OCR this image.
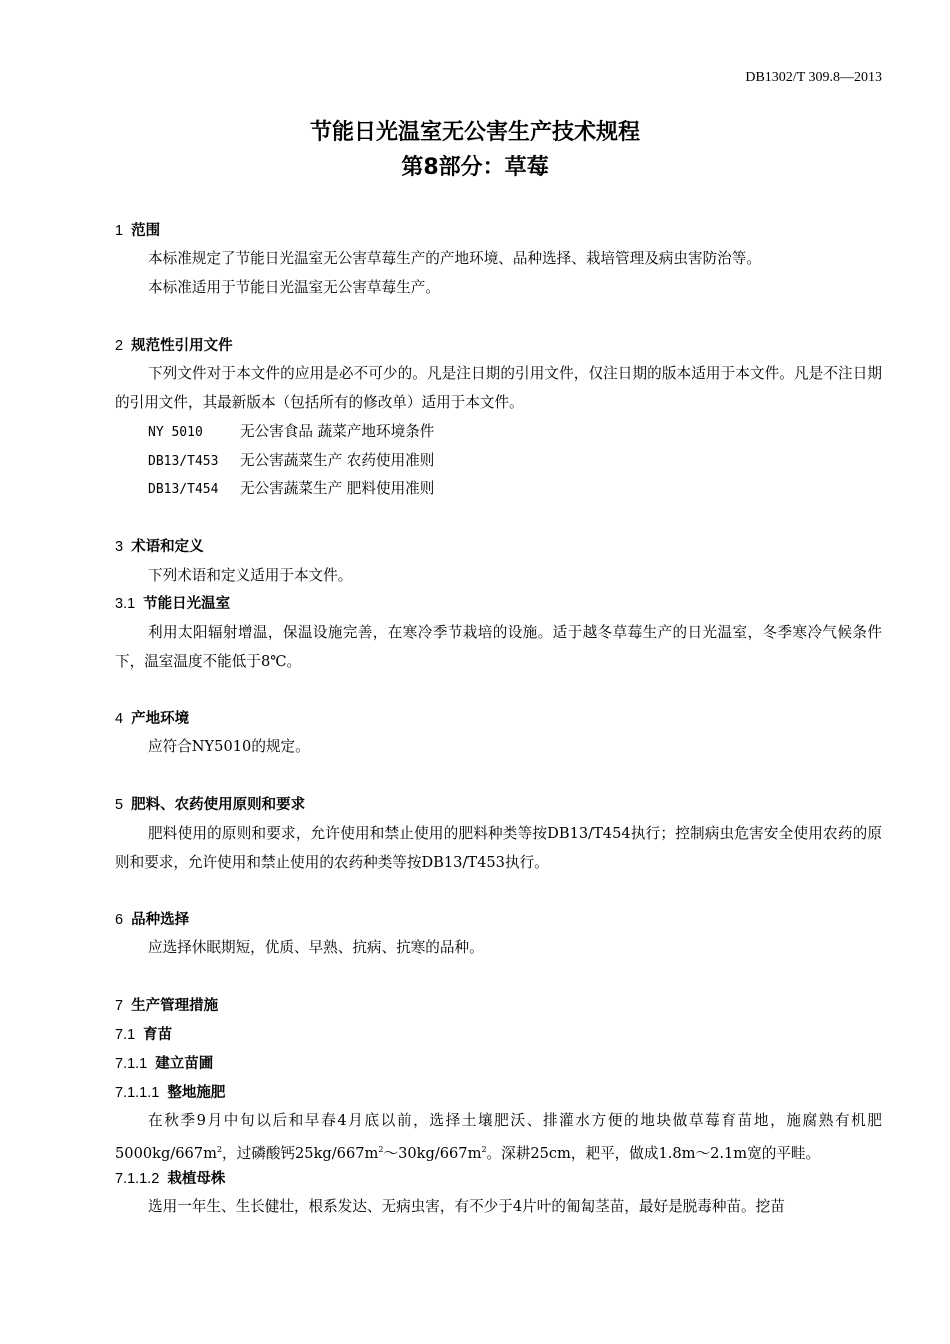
DB1302/T 309.8—2013
节能日光温室无公害生产技术规程
第8部分：草莓
1 范围
本标准规定了节能日光温室无公害草莓生产的产地环境、品种选择、栽培管理及病虫害防治等。
本标准适用于节能日光温室无公害草莓生产。
2 规范性引用文件
下列文件对于本文件的应用是必不可少的。凡是注日期的引用文件，仅注日期的版本适用于本文件。凡是不注日期的引用文件，其最新版本（包括所有的修改单）适用于本文件。
NY 5010	无公害食品 蔬菜产地环境条件
DB13/T453 无公害蔬菜生产 农药使用准则
DB13/T454 无公害蔬菜生产 肥料使用准则
3 术语和定义
下列术语和定义适用于本文件。
3.1 节能日光温室
利用太阳辐射增温，保温设施完善，在寒冷季节栽培的设施。适于越冬草莓生产的日光温室，冬季寒冷气候条件下，温室温度不能低于8℃。
4 产地环境
应符合NY5010的规定。
5 肥料、农药使用原则和要求
肥料使用的原则和要求，允许使用和禁止使用的肥料种类等按DB13/T454执行；控制病虫危害安全使用农药的原则和要求，允许使用和禁止使用的农药种类等按DB13/T453执行。
6 品种选择
应选择休眠期短，优质、早熟、抗病、抗寒的品种。
7 生产管理措施
7.1 育苗
7.1.1 建立苗圃
7.1.1.1 整地施肥
在秋季9月中旬以后和早春4月底以前，选择土壤肥沃、排灌水方便的地块做草莓育苗地，施腐熟有机肥$5000kg/667m^2$，过磷酸钙$25kg/667m^2\sim 30kg/667m^2$。深耕25cm，耙平，做成1.8m～2.1m宽的平畦。
7.1.1.2 栽植母株
选用一年生、生长健壮，根系发达、无病虫害，有不少于4片叶的匍匐茎苗，最好是脱毒种苗。挖苗
